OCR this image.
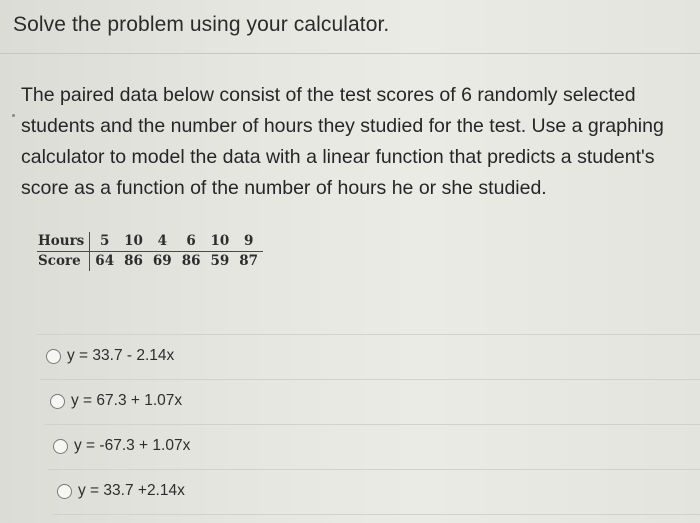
Solve the problem using your calculator.
The paired data below consist of the test scores of 6 randomly selected students and the number of hours they studied for the test. Use a graphing calculator to model the data with a linear function that predicts a student's score as a function of the number of hours he or she studied.
Hours	5	10	4	6	10	9
Score	64	86	69	86	59	87
y = 33.7 - 2.14x
y = 67.3 + 1.07x
y = -67.3 + 1.07x
y = 33.7 +2.14x
